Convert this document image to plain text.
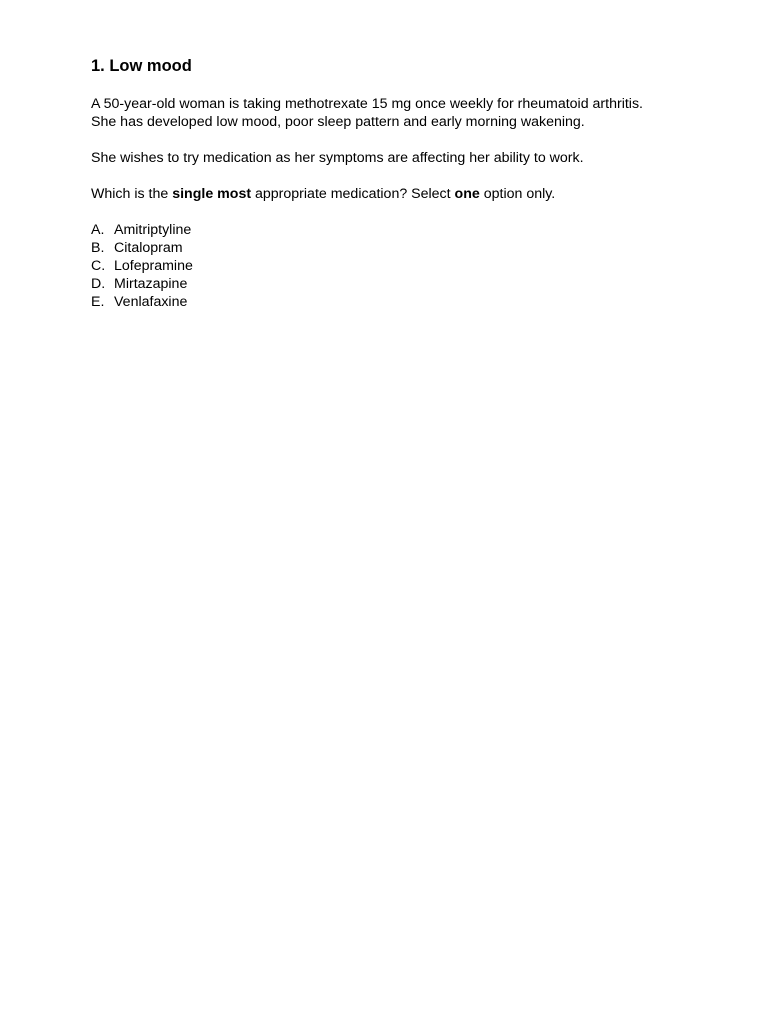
1. Low mood

A 50-year-old woman is taking methotrexate 15 mg once weekly for rheumatoid arthritis.

She has developed low mood, poor sleep pattern and early morning wakening.

She wishes to try medication as her symptoms are affecting her ability to work.

Which is the single most appropriate medication? Select one option only.

A. Amitriptyline
B. Citalopram
C. Lofepramine
D. Mirtazapine
E. Venlafaxine
